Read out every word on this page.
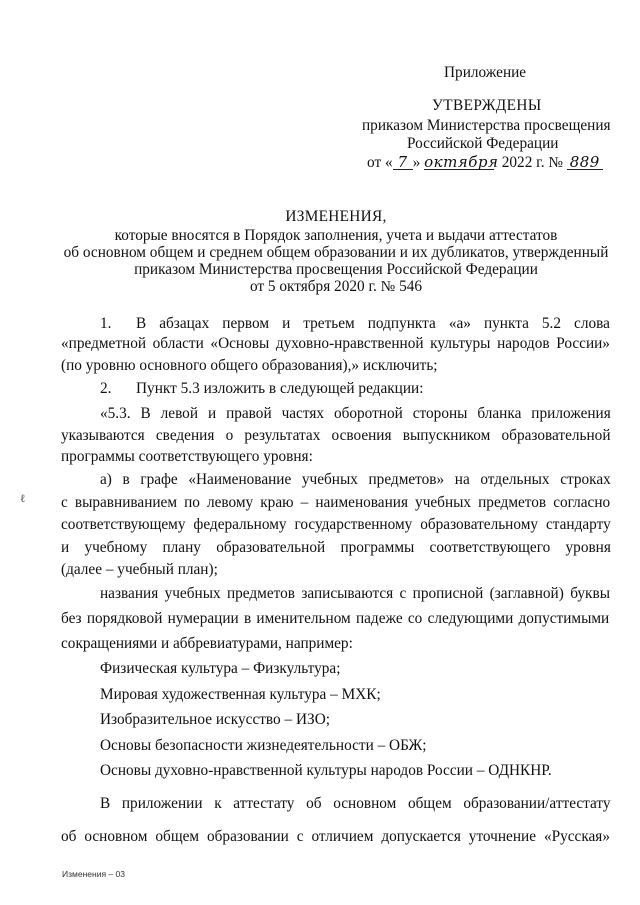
Приложение
УТВЕРЖДЕНЫ
приказом Министерства просвещения
Российской Федерации
от « 7 » октября 2022 г. № 889
ИЗМЕНЕНИЯ,
которые вносятся в Порядок заполнения, учета и выдачи аттестатов
об основном общем и среднем общем образовании и их дубликатов, утвержденный
приказом Министерства просвещения Российской Федерации
от 5 октября 2020 г. № 546
1. В абзацах первом и третьем подпункта «а» пункта 5.2 слова
«предметной области «Основы духовно-нравственной культуры народов России»
(по уровню основного общего образования),» исключить;
2. Пункт 5.3 изложить в следующей редакции:
«5.3. В левой и правой частях оборотной стороны бланка приложения
указываются сведения о результатах освоения выпускником образовательной
программы соответствующего уровня:
а) в графе «Наименование учебных предметов» на отдельных строках
с выравниванием по левому краю – наименования учебных предметов согласно
соответствующему федеральному государственному образовательному стандарту
и учебному плану образовательной программы соответствующего уровня
(далее – учебный план);
названия учебных предметов записываются с прописной (заглавной) буквы
без порядковой нумерации в именительном падеже со следующими допустимыми
сокращениями и аббревиатурами, например:
Физическая культура – Физкультура;
Мировая художественная культура – МХК;
Изобразительное искусство – ИЗО;
Основы безопасности жизнедеятельности – ОБЖ;
Основы духовно-нравственной культуры народов России – ОДНКНР.
В приложении к аттестату об основном общем образовании/аттестату
об основном общем образовании с отличием допускается уточнение «Русская»
ℓ
Изменения – 03
